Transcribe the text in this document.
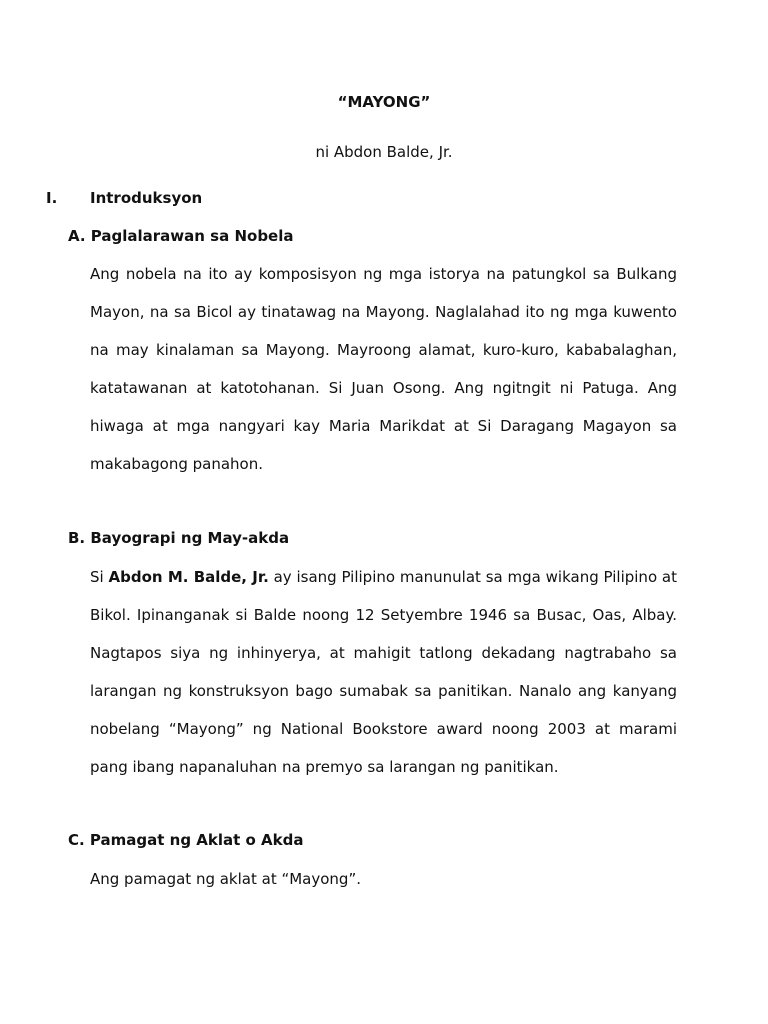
“MAYONG”
ni Abdon Balde, Jr.
I. Introduksyon
A. Paglalarawan sa Nobela
Ang nobela na ito ay komposisyon ng mga istorya na patungkol sa Bulkang Mayon, na sa Bicol ay tinatawag na Mayong. Naglalahad ito ng mga kuwento na may kinalaman sa Mayong. Mayroong alamat, kuro-kuro, kababalaghan, katatawanan at katotohanan. Si Juan Osong. Ang ngitngit ni Patuga. Ang hiwaga at mga nangyari kay Maria Marikdat at Si Daragang Magayon sa makabagong panahon.
B. Bayograpi ng May-akda
Si Abdon M. Balde, Jr. ay isang Pilipino manunulat sa mga wikang Pilipino at Bikol. Ipinanganak si Balde noong 12 Setyembre 1946 sa Busac, Oas, Albay. Nagtapos siya ng inhinyerya, at mahigit tatlong dekadang nagtrabaho sa larangan ng konstruksyon bago sumabak sa panitikan. Nanalo ang kanyang nobelang “Mayong” ng National Bookstore award noong 2003 at marami pang ibang napanaluhan na premyo sa larangan ng panitikan.
C. Pamagat ng Aklat o Akda
Ang pamagat ng aklat at “Mayong”.
